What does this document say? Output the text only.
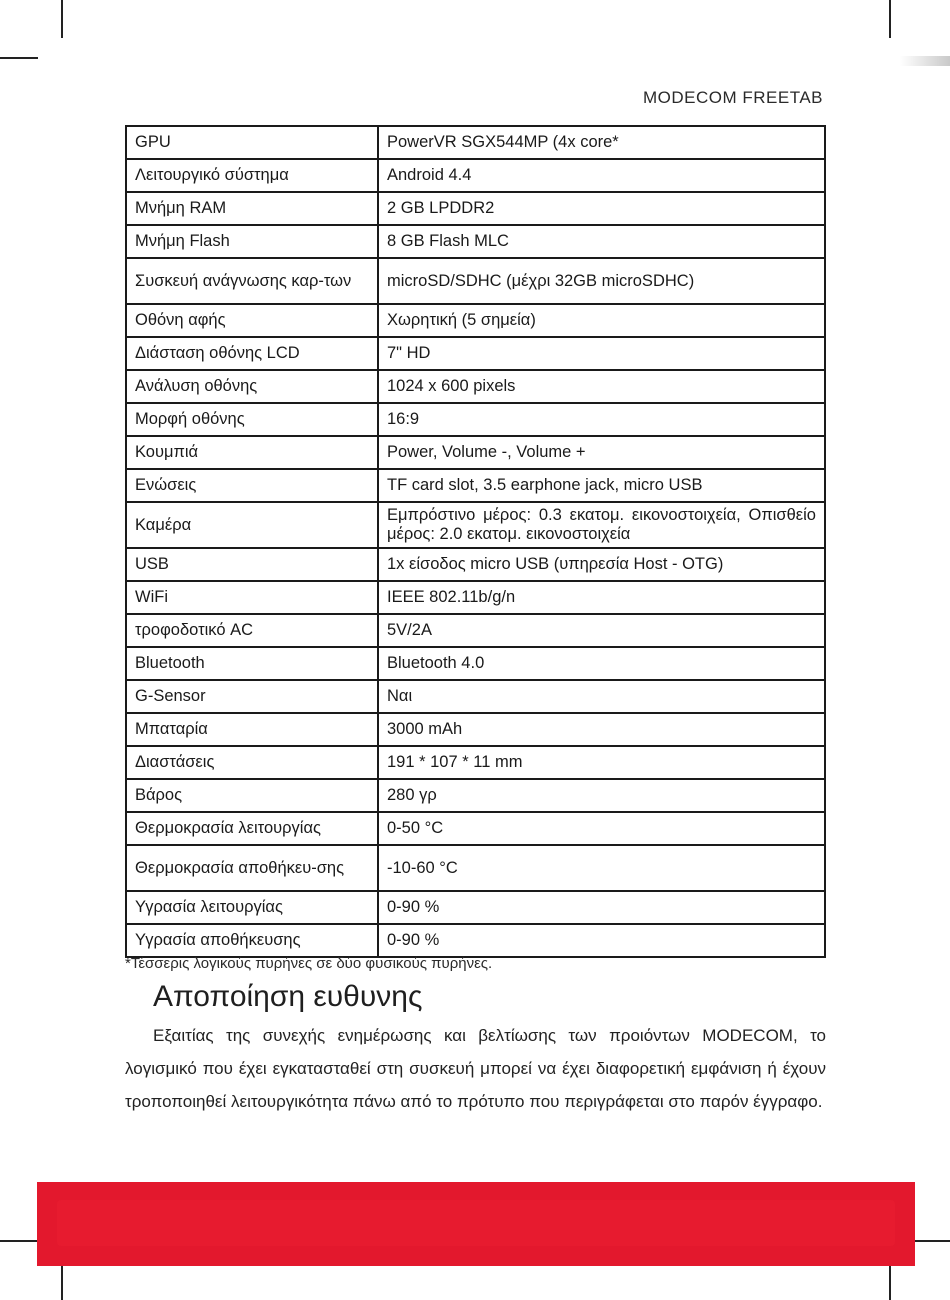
MODECOM FREETAB
GPU	PowerVR SGX544MP (4x core*
Λειτουργικό σύστημα	Android 4.4
Μνήμη RAM	2 GB LPDDR2
Μνήμη Flash	8 GB Flash MLC
Συσκευή ανάγνωσης καρ-των	microSD/SDHC (μέχρι 32GB microSDHC)
Οθόνη αφής	Χωρητική (5 σημεία)
Διάσταση οθόνης LCD	7" HD
Ανάλυση οθόνης	1024 x 600 pixels
Μορφή οθόνης	16:9
Κουμπιά	Power, Volume -, Volume +
Ενώσεις	TF card slot, 3.5 earphone jack, micro USB
Καμέρα	Εμπρόστινο μέρος: 0.3 εκατομ. εικονοστοιχεία, Οπισθείο μέρος: 2.0 εκατομ. εικονοστοιχεία
USB	1x είσοδος micro USB (υπηρεσία Host - OTG)
WiFi	IEEE 802.11b/g/n
τροφοδοτικό AC	5V/2A
Bluetooth	Bluetooth 4.0
G-Sensor	Ναι
Μπαταρία	3000 mAh
Διαστάσεις	191 * 107 * 11 mm
Βάρος	280 γρ
Θερμοκρασία λειτουργίας	0-50 °C
Θερμοκρασία αποθήκευ-σης	-10-60 °C
Υγρασία λειτουργίας	0-90 %
Υγρασία αποθήκευσης	0-90 %
*Τέσσερις λογικούς πυρήνες σε δύο φυσικούς πυρήνες.
Αποποίηση ευθυνης
Εξαιτίας της συνεχής ενημέρωσης και βελτίωσης των προιόντων MODECOM, το λογισμικό που έχει εγκατασταθεί στη συσκευή μπορεί να έχει διαφορετική εμφάνιση ή έχουν τροποποιηθεί λειτουργικότητα πάνω από το πρότυπο που περιγράφεται στο παρόν έγγραφο.
